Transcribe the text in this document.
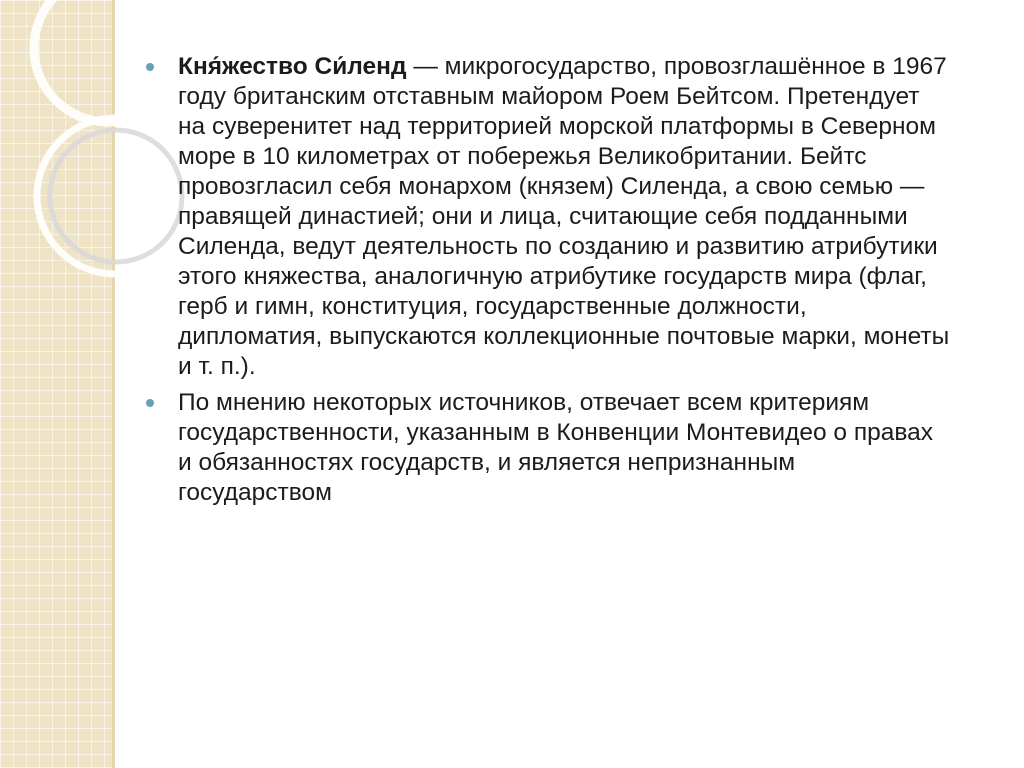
Кня́жество Си́ленд — микрогосударство, провозглашённое в 1967 году британским отставным майором Роем Бейтсом. Претендует на суверенитет над территорией морской платформы в Северном море в 10 километрах от побережья Великобритании. Бейтс провозгласил себя монархом (князем) Силенда, а свою семью — правящей династией; они и лица, считающие себя подданными Силенда, ведут деятельность по созданию и развитию атрибутики этого княжества, аналогичную атрибутике государств мира (флаг, герб и гимн, конституция, государственные должности, дипломатия, выпускаются коллекционные почтовые марки, монеты и т. п.).
По мнению некоторых источников, отвечает всем критериям государственности, указанным в Конвенции Монтевидео о правах и обязанностях государств, и является непризнанным государством
